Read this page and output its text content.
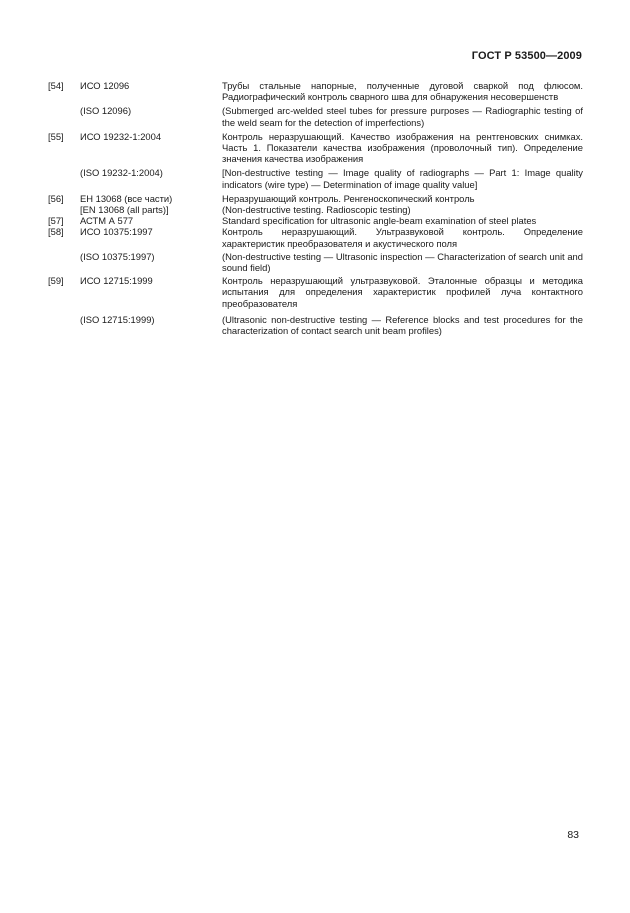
ГОСТ Р 53500—2009
[54]	ИСО 12096	Трубы стальные напорные, полученные дуговой сваркой под флюсом. Радиографический контроль сварного шва для обнаружения несовершенств
(ISO 12096)	(Submerged arc-welded steel tubes for pressure purposes — Radiographic testing of the weld seam for the detection of imperfections)
[55]	ИСО 19232-1:2004	Контроль неразрушающий. Качество изображения на рентгеновских снимках. Часть 1. Показатели качества изображения (проволочный тип). Определение значения качества изображения
(ISO 19232-1:2004)	[Non-destructive testing — Image quality of radiographs — Part 1: Image quality indicators (wire type) — Determination of image quality value]
[56]	ЕН 13068 (все части)	Неразрушающий контроль. Ренгеноскопический контроль
[EN 13068 (all parts)]	(Non-destructive testing. Radioscopic testing)
[57]	АСТМ А 577	Standard specification for ultrasonic angle-beam examination of steel plates
[58]	ИСО 10375:1997	Контроль неразрушающий. Ультразвуковой контроль. Определение характеристик преобразователя и акустического поля
(ISO 10375:1997)	(Non-destructive testing — Ultrasonic inspection — Characterization of search unit and sound field)
[59]	ИСО 12715:1999	Контроль неразрушающий ультразвуковой. Эталонные образцы и методика испытания для определения характеристик профилей луча контактного преобразователя
(ISO 12715:1999)	(Ultrasonic non-destructive testing — Reference blocks and test procedures for the characterization of contact search unit beam profiles)
83
